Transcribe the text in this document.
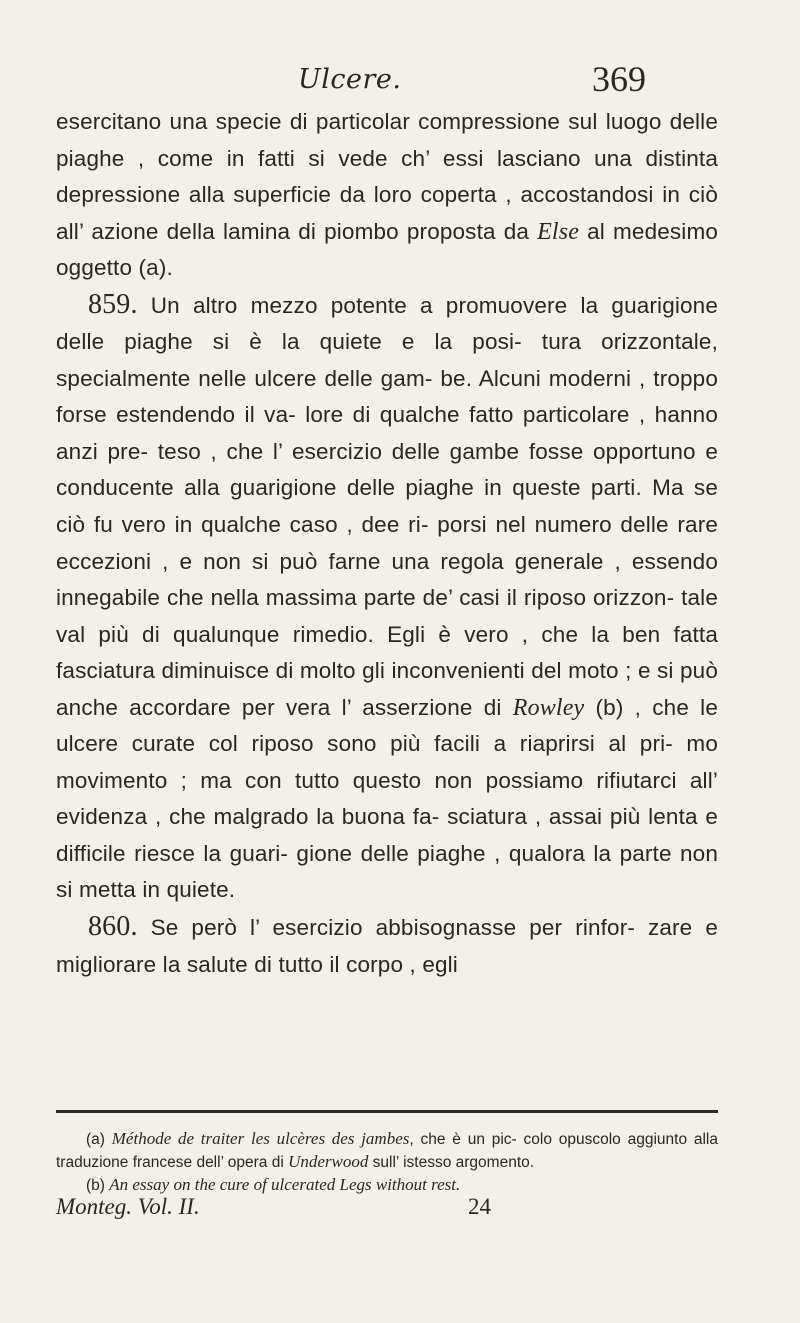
Ulcere.	369

esercitano una specie di particolar compressione sul luogo delle piaghe , come in fatti si vede ch’ essi lasciano una distinta depressione alla superficie da loro coperta , accostandosi in ciò all’ azione della lamina di piombo proposta da Else al medesimo oggetto (a).

859. Un altro mezzo potente a promuovere la guarigione delle piaghe si è la quiete e la posi- tura orizzontale, specialmente nelle ulcere delle gam- be. Alcuni moderni , troppo forse estendendo il va- lore di qualche fatto particolare , hanno anzi pre- teso , che l’ esercizio delle gambe fosse opportuno e conducente alla guarigione delle piaghe in queste parti. Ma se ciò fu vero in qualche caso , dee ri- porsi nel numero delle rare eccezioni , e non si può farne una regola generale , essendo innegabile che nella massima parte de’ casi il riposo orizzon- tale val più di qualunque rimedio. Egli è vero , che la ben fatta fasciatura diminuisce di molto gli inconvenienti del moto ; e si può anche accordare per vera l’ asserzione di Rowley (b) , che le ulcere curate col riposo sono più facili a riaprirsi al pri- mo movimento ; ma con tutto questo non possiamo rifiutarci all’ evidenza , che malgrado la buona fa- sciatura , assai più lenta e difficile riesce la guari- gione delle piaghe , qualora la parte non si metta in quiete.

860. Se però l’ esercizio abbisognasse per rinfor- zare e migliorare la salute di tutto il corpo , egli

(a) Méthode de traiter les ulcères des jambes, che è un pic- colo opuscolo aggiunto alla traduzione francese dell’ opera di Underwood sull’ istesso argomento.

(b) An essay on the cure of ulcerated Legs without rest.

Monteg. Vol. II.	24
